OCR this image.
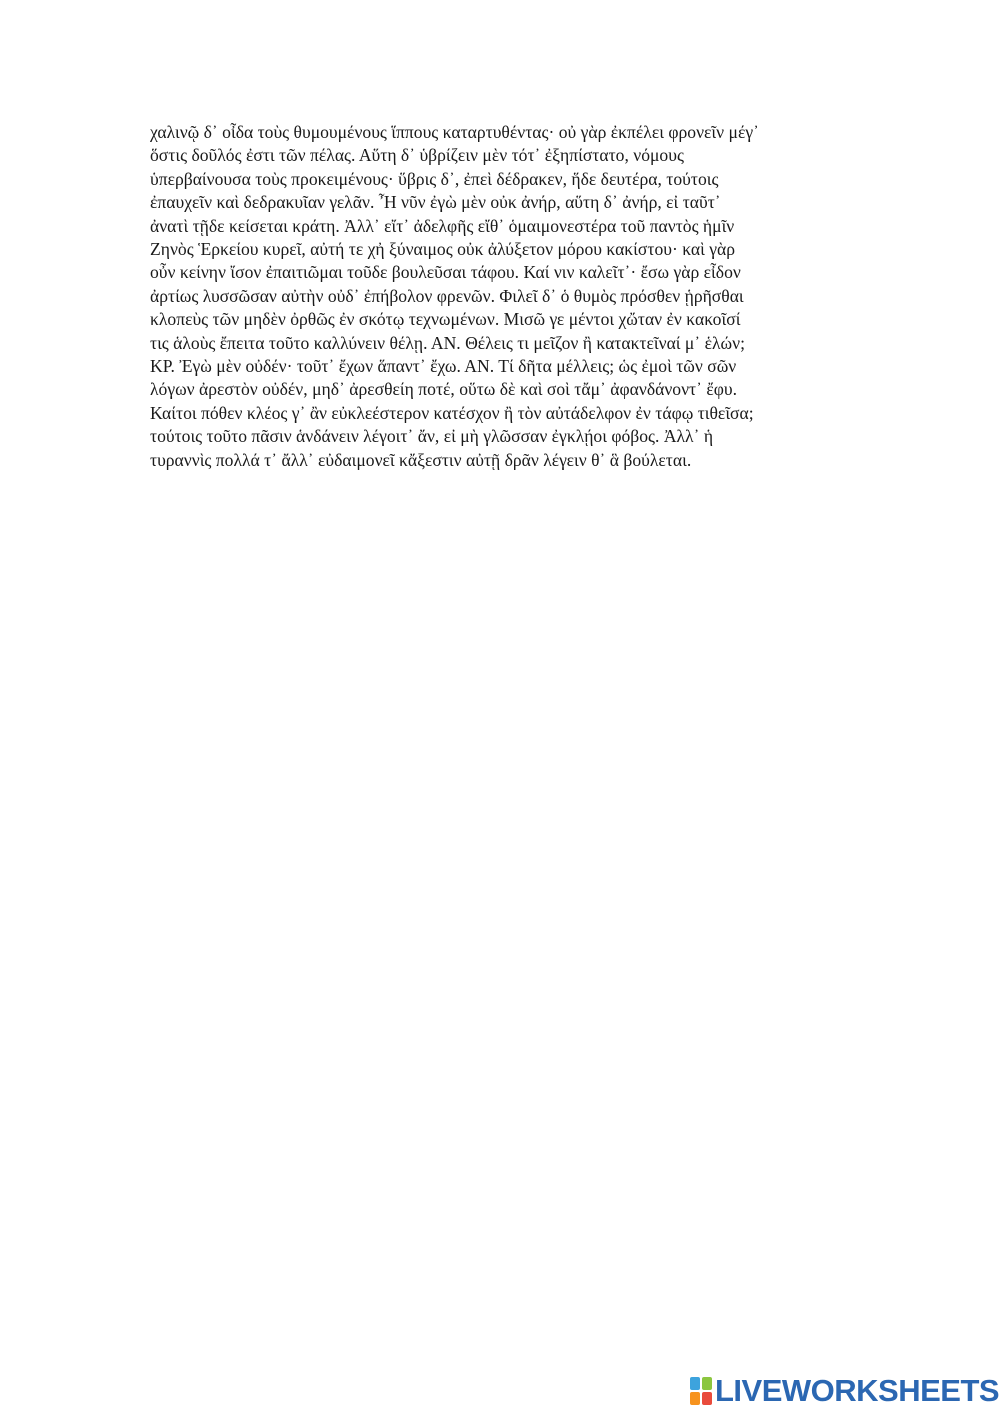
χαλινῷ δ᾽ οἶδα τοὺς θυμουμένους ἵππους καταρτυθέντας· οὐ γὰρ ἐκπέλει φρονεῖν μέγ᾽
ὅστις δοῦλός ἐστι τῶν πέλας. Αὕτη δ᾽ ὑβρίζειν μὲν τότ᾽ ἐξηπίστατο, νόμους
ὑπερβαίνουσα τοὺς προκειμένους· ὕβρις δ᾽, ἐπεὶ δέδρακεν, ἥδε δευτέρα, τούτοις
ἐπαυχεῖν καὶ δεδρακυῖαν γελᾶν. Ἦ νῦν ἐγὼ μὲν οὐκ ἀνήρ, αὕτη δ᾽ ἀνήρ, εἰ ταῦτ᾽
ἀνατὶ τῇδε κείσεται κράτη. Ἀλλ᾽ εἴτ᾽ ἀδελφῆς εἴθ᾽ ὁμαιμονεστέρα τοῦ παντὸς ἡμῖν
Ζηνὸς Ἑρκείου κυρεῖ, αὐτή τε χἠ ξύναιμος οὐκ ἀλύξετον μόρου κακίστου· καὶ γὰρ
οὖν κείνην ἴσον ἐπαιτιῶμαι τοῦδε βουλεῦσαι τάφου. Καί νιν καλεῖτ᾽· ἔσω γὰρ εἶδον
ἀρτίως λυσσῶσαν αὐτὴν οὐδ᾽ ἐπήβολον φρενῶν. Φιλεῖ δ᾽ ὁ θυμὸς πρόσθεν ᾑρῆσθαι
κλοπεὺς τῶν μηδὲν ὀρθῶς ἐν σκότῳ τεχνωμένων. Μισῶ γε μέντοι χὤταν ἐν κακοῖσί
τις ἁλοὺς ἔπειτα τοῦτο καλλύνειν θέλῃ. ΑΝ. Θέλεις τι μεῖζον ἢ κατακτεῖναί μ᾽ ἑλών;
ΚΡ. Ἐγὼ μὲν οὐδέν· τοῦτ᾽ ἔχων ἅπαντ᾽ ἔχω. ΑΝ. Τί δῆτα μέλλεις; ὡς ἐμοὶ τῶν σῶν
λόγων ἀρεστὸν οὐδέν, μηδ᾽ ἀρεσθείη ποτέ, οὕτω δὲ καὶ σοὶ τἄμ᾽ ἀφανδάνοντ᾽ ἔφυ.
Καίτοι πόθεν κλέος γ᾽ ἂν εὐκλεέστερον κατέσχον ἢ τὸν αὐτάδελφον ἐν τάφῳ τιθεῖσα;
τούτοις τοῦτο πᾶσιν ἁνδάνειν λέγοιτ᾽ ἄν, εἰ μὴ γλῶσσαν ἐγκλῄοι φόβος. Ἀλλ᾽ ἡ
τυραννὶς πολλά τ᾽ ἄλλ᾽ εὐδαιμονεῖ κἄξεστιν αὐτῇ δρᾶν λέγειν θ᾽ ἃ βούλεται.
LIVEWORKSHEETS
